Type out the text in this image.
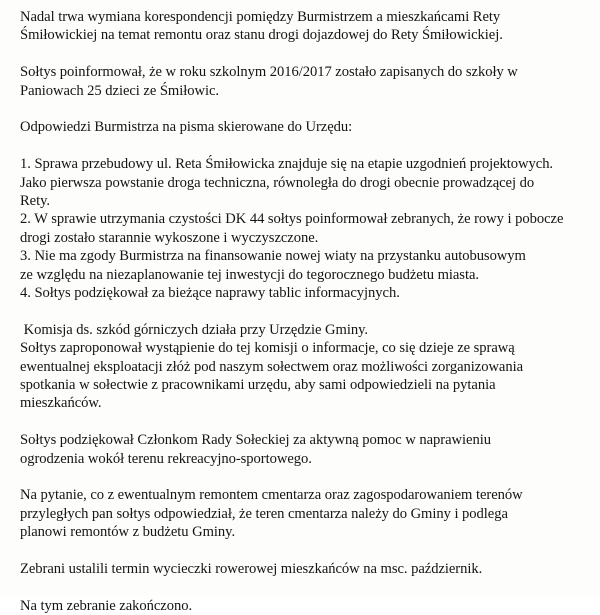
Nadal trwa wymiana korespondencji pomiędzy Burmistrzem a mieszkańcami Rety
Śmiłowickiej na temat remontu oraz stanu drogi dojazdowej do Rety Śmiłowickiej.
Sołtys poinformował, że w roku szkolnym 2016/2017 zostało zapisanych do szkoły w
Paniowach 25 dzieci ze Śmiłowic.
Odpowiedzi Burmistrza na pisma skierowane do Urzędu:
1. Sprawa przebudowy ul. Reta Śmiłowicka znajduje się na etapie uzgodnień projektowych.
Jako pierwsza powstanie droga techniczna, równoległa do drogi obecnie prowadzącej do
Rety.
2. W sprawie utrzymania czystości DK 44 sołtys poinformował zebranych, że rowy i pobocze
drogi zostało starannie wykoszone i wyczyszczone.
3. Nie ma zgody Burmistrza na finansowanie nowej wiaty na przystanku autobusowym
ze względu na niezaplanowanie tej inwestycji do tegorocznego budżetu miasta.
4. Sołtys podziękował za bieżące naprawy tablic informacyjnych.
Komisja ds. szkód górniczych działa przy Urzędzie Gminy.
Sołtys zaproponował wystąpienie do tej komisji o informacje, co się dzieje ze sprawą
ewentualnej eksploatacji złóż pod naszym sołectwem oraz możliwości zorganizowania
spotkania w sołectwie z pracownikami urzędu, aby sami odpowiedzieli na pytania
mieszkańców.
Sołtys podziękował Członkom Rady Sołeckiej za aktywną pomoc w naprawieniu
ogrodzenia wokół terenu rekreacyjno-sportowego.
Na pytanie, co z ewentualnym remontem cmentarza oraz zagospodarowaniem terenów
przyległych pan sołtys odpowiedział, że teren cmentarza należy do Gminy i podlega
planowi remontów z budżetu Gminy.
Zebrani ustalili termin wycieczki rowerowej mieszkańców na msc. październik.
Na tym zebranie zakończono.
